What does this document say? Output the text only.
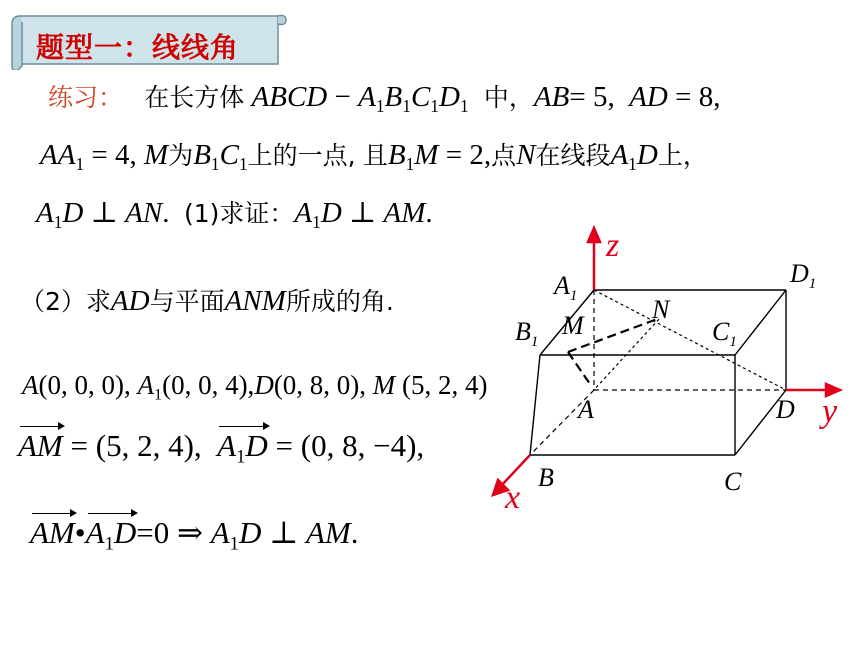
题型一：线线角
练习： 在长方体 ABCD − $A_1B_1C_1D_1$ 中，AB= 5,  AD = 8,
$AA_1 = 4$, M为$B_1C_1$上的一点, 且$B_1M = 2$,点N在线段$A_1D$上，
$A_1D$ ⊥ AN.  (1)求证：$A_1D$ ⊥ AM.
（2）求AD与平面ANM所成的角.
A(0, 0, 0), $A_1(0$, 0, 4),D(0, 8, 0), M (5, 2, 4)
AM = (5, 2, 4),  $A_1D = (0$, 8, −4),
$AM•A_1D=0$ ⇒ $A_1D$ ⊥ AM.
z
y
x
$A_1$
$D_1$
$B_1$
M
N
$C_1$
A	D
B	C
